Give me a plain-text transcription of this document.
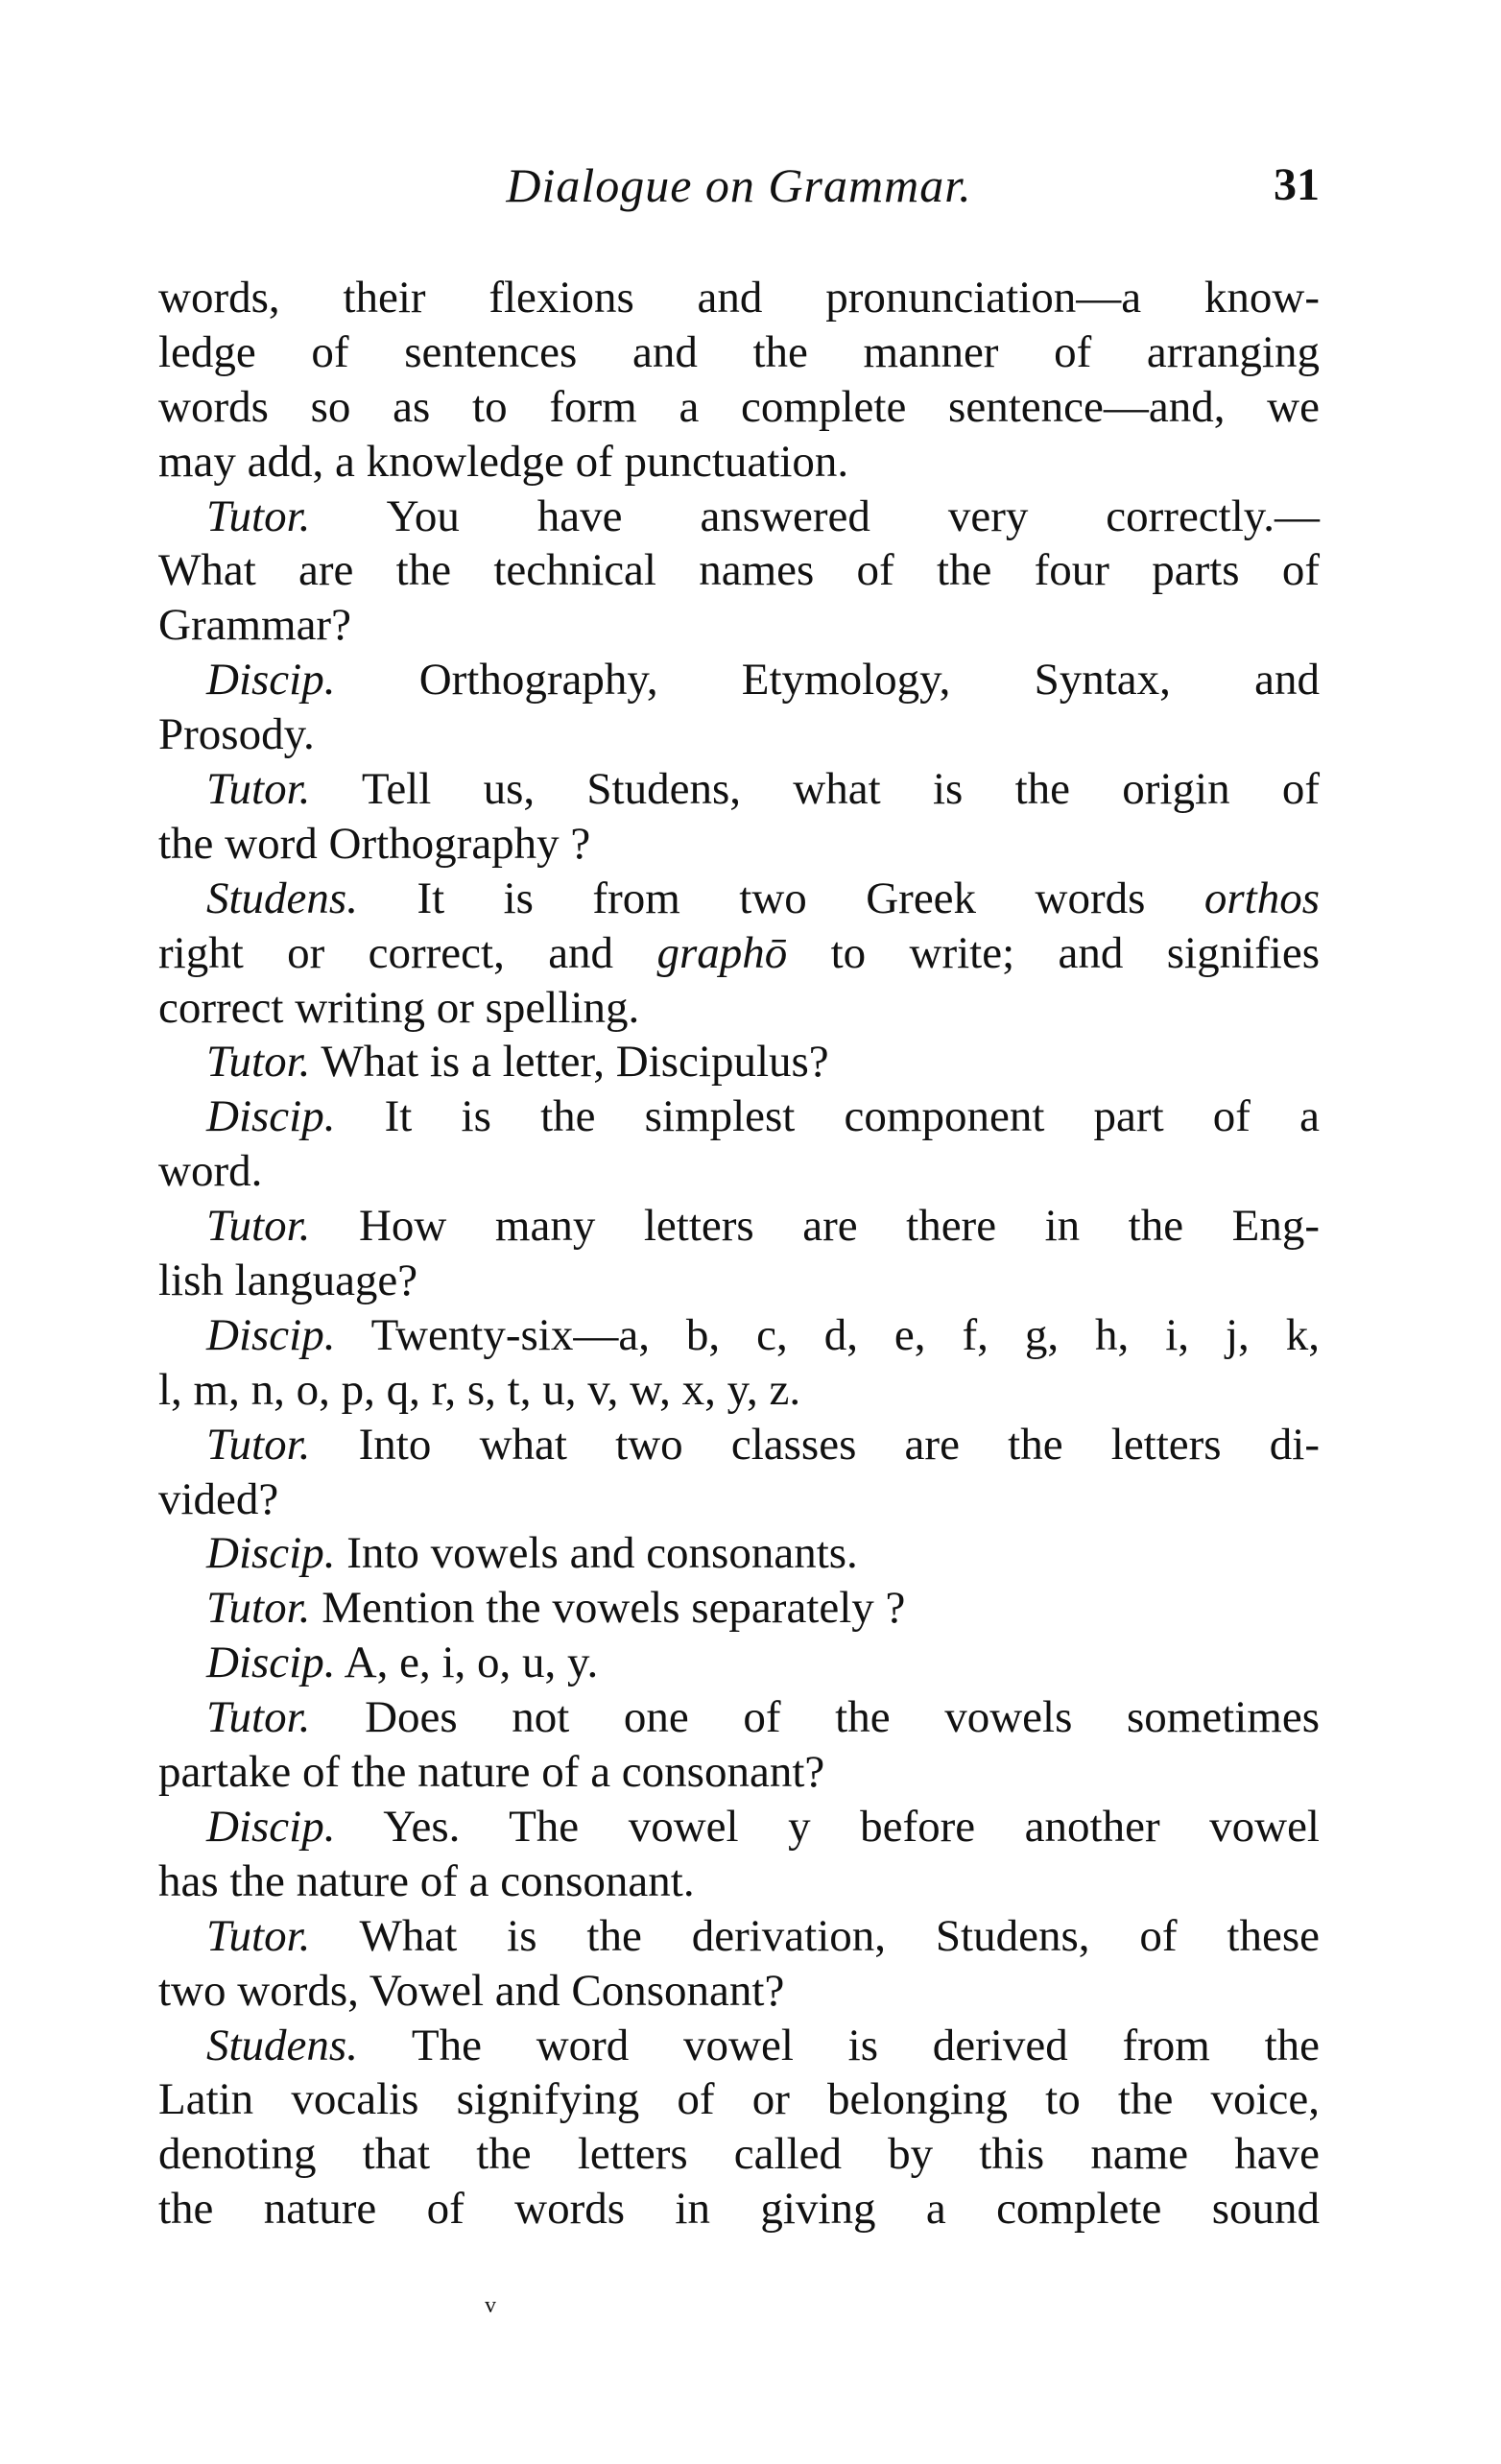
Dialogue on Grammar.	31
words, their flexions and pronunciation—a know-
ledge of sentences and the manner of arranging
words so as to form a complete sentence—and, we
may add, a knowledge of punctuation.
Tutor. You have answered very correctly.—
What are the technical names of the four parts of
Grammar?
Discip. Orthography, Etymology, Syntax, and
Prosody.
Tutor. Tell us, Studens, what is the origin of
the word Orthography ?
Studens. It is from two Greek words orthos
right or correct, and graphō to write; and signifies
correct writing or spelling.
Tutor. What is a letter, Discipulus?
Discip. It is the simplest component part of a
word.
Tutor. How many letters are there in the Eng-
lish language?
Discip. Twenty-six—a, b, c, d, e, f, g, h, i, j, k,
l, m, n, o, p, q, r, s, t, u, v, w, x, y, z.
Tutor. Into what two classes are the letters di-
vided?
Discip. Into vowels and consonants.
Tutor. Mention the vowels separately ?
Discip. A, e, i, o, u, y.
Tutor. Does not one of the vowels sometimes
partake of the nature of a consonant?
Discip. Yes. The vowel y before another vowel
has the nature of a consonant.
Tutor. What is the derivation, Studens, of these
two words, Vowel and Consonant?
Studens. The word vowel is derived from the
Latin vocalis signifying of or belonging to the voice,
denoting that the letters called by this name have
the nature of words in giving a complete sound
v
